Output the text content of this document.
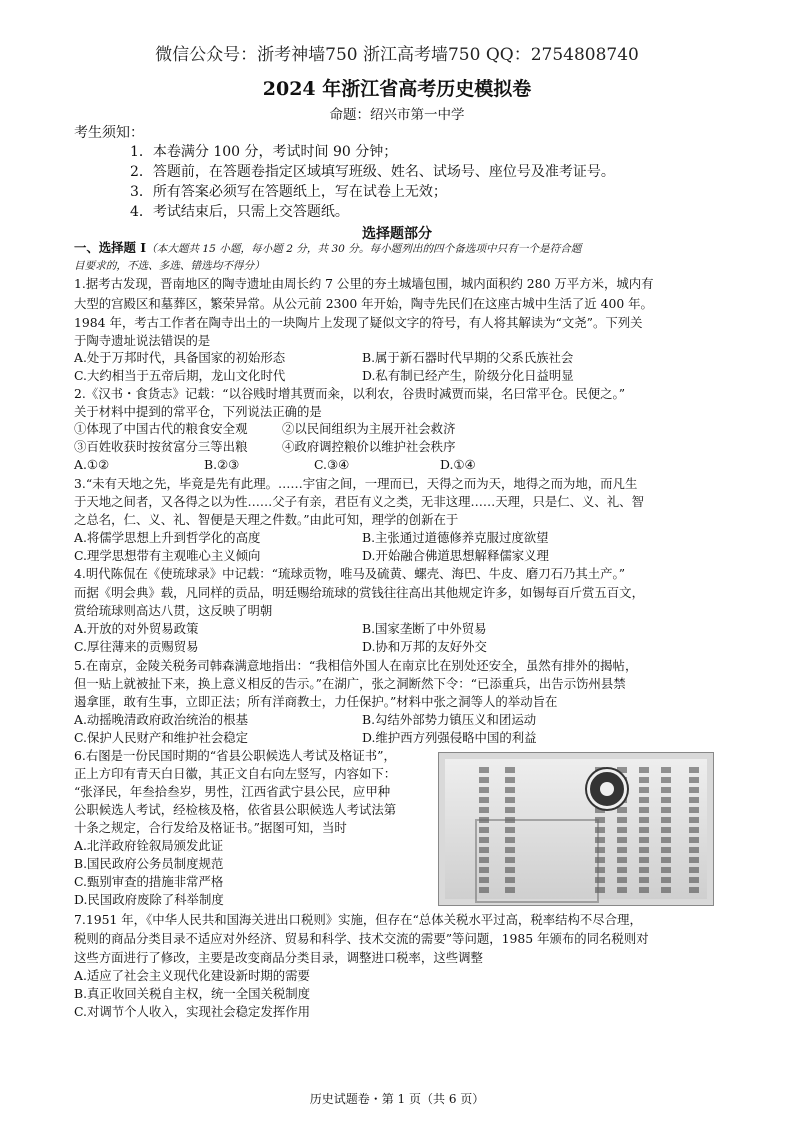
微信公众号：浙考神墙750 浙江高考墙750 QQ：2754808740
2024 年浙江省高考历史模拟卷
命题：绍兴市第一中学
考生须知：
1．本卷满分 100 分，考试时间 90 分钟；
2．答题前，在答题卷指定区域填写班级、姓名、试场号、座位号及准考证号。
3．所有答案必须写在答题纸上，写在试卷上无效；
4．考试结束后，只需上交答题纸。
选择题部分
一、选择题 I（本大题共 15 小题，每小题 2 分，共 30 分。每小题列出的四个备选项中只有一个是符合题
目要求的，不选、多选、错选均不得分）
1.据考古发现，晋南地区的陶寺遗址由周长约 7 公里的夯土城墙包围，城内面积约 280 万平方米，城内有
大型的宫殿区和墓葬区，繁荣异常。从公元前 2300 年开始，陶寺先民们在这座古城中生活了近 400 年。
1984 年，考古工作者在陶寺出土的一块陶片上发现了疑似文字的符号，有人将其解读为“文尧”。下列关
于陶寺遗址说法错误的是
A.处于万邦时代，具备国家的初始形态	B.属于新石器时代早期的父系氏族社会
C.大约相当于五帝后期，龙山文化时代	D.私有制已经产生，阶级分化日益明显
2.《汉书・食货志》记载：“以谷贱时增其贾而籴，以利农，谷贵时减贾而粜，名曰常平仓。民便之。”
关于材料中提到的常平仓，下列说法正确的是
①体现了中国古代的粮食安全观	②以民间组织为主展开社会救济
③百姓收获时按贫富分三等出粮	④政府调控粮价以维护社会秩序
A.①②	B.②③	C.③④	D.①④
3.“未有天地之先，毕竟是先有此理。……宇宙之间，一理而已，天得之而为天，地得之而为地，而凡生
于天地之间者，又各得之以为性……父子有亲，君臣有义之类，无非这理……天理，只是仁、义、礼、智
之总名，仁、义、礼、智便是天理之件数。”由此可知，理学的创新在于
A.将儒学思想上升到哲学化的高度	B.主张通过道德修养克服过度欲望
C.理学思想带有主观唯心主义倾向	D.开始融合佛道思想解释儒家义理
4.明代陈侃在《使琉球录》中记载：“琉球贡物，唯马及硫黄、螺壳、海巴、牛皮、磨刀石乃其土产。”
而据《明会典》载，凡同样的贡品，明廷赐给琉球的赏钱往往高出其他规定许多，如锡每百斤赏五百文，
赏给琉球则高达八贯，这反映了明朝
A.开放的对外贸易政策	B.国家垄断了中外贸易
C.厚往薄来的贡赐贸易	D.协和万邦的友好外交
5.在南京，金陵关税务司韩森满意地指出：“我相信外国人在南京比在别处还安全，虽然有排外的揭帖，
但一贴上就被扯下来，换上意义相反的告示。”在湖广，张之洞断然下令：“已添重兵，出告示饬州县禁
遏拿匪，敢有生事，立即正法；所有洋商教士，力任保护。”材料中张之洞等人的举动旨在
A.动摇晚清政府政治统治的根基	B.勾结外部势力镇压义和团运动
C.保护人民财产和维护社会稳定	D.维护西方列强侵略中国的利益
6.右图是一份民国时期的“省县公职候选人考试及格证书”，
正上方印有青天白日徽，其正文自右向左竖写，内容如下：
“张泽民，年叁拾叁岁，男性，江西省武宁县公民，应甲种
公职候选人考试，经检核及格，依省县公职候选人考试法第
十条之规定，合行发给及格证书。”据图可知，当时
A.北洋政府铨叙局颁发此证
B.国民政府公务员制度规范
C.甄别审查的措施非常严格
D.民国政府废除了科举制度
7.1951 年，《中华人民共和国海关进出口税则》实施，但存在“总体关税水平过高，税率结构不尽合理，
税则的商品分类目录不适应对外经济、贸易和科学、技术交流的需要”等问题，1985 年颁布的同名税则对
这些方面进行了修改，主要是改变商品分类目录，调整进口税率，这些调整
A.适应了社会主义现代化建设新时期的需要
B.真正收回关税自主权，统一全国关税制度
C.对调节个人收入，实现社会稳定发挥作用
历史试题卷・第 1 页（共 6 页）
